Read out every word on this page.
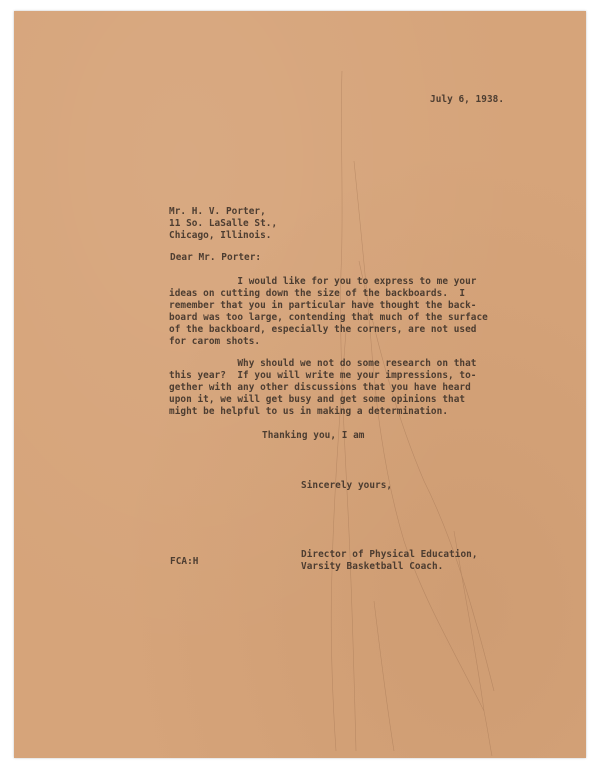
July 6, 1938.
Mr. H. V. Porter,
11 So. LaSalle St.,
Chicago, Illinois.
Dear Mr. Porter:
I would like for you to express to me your
ideas on cutting down the size of the backboards.  I
remember that you in particular have thought the back-
board was too large, contending that much of the surface
of the backboard, especially the corners, are not used
for carom shots.
Why should we not do some research on that
this year?  If you will write me your impressions, to-
gether with any other discussions that you have heard
upon it, we will get busy and get some opinions that
might be helpful to us in making a determination.
Thanking you, I am
Sincerely yours,
FCA:H
Director of Physical Education,
Varsity Basketball Coach.
